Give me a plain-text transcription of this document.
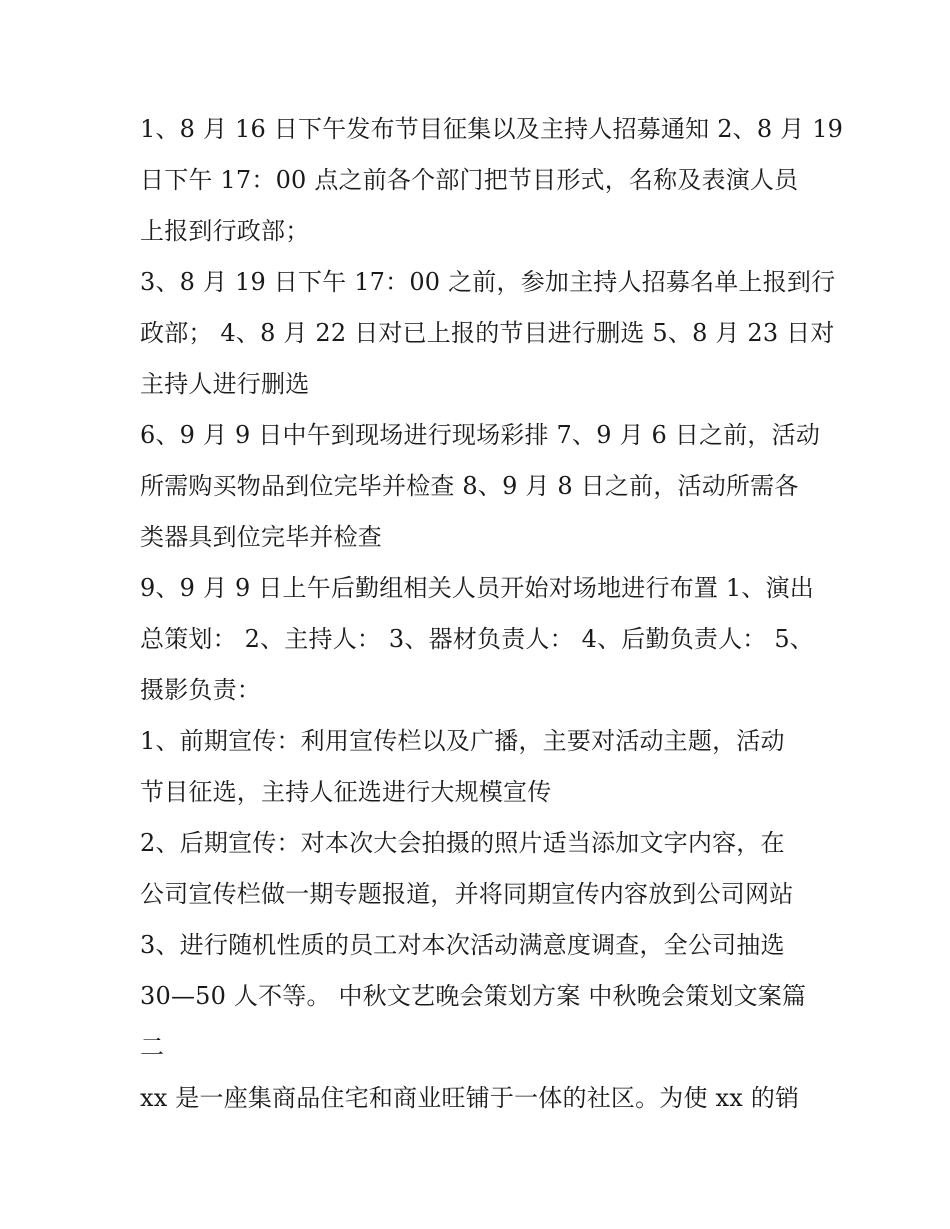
1、8 月 16 日下午发布节目征集以及主持人招募通知 2、8 月 19
日下午 17：00 点之前各个部门把节目形式，名称及表演人员
上报到行政部；
3、8 月 19 日下午 17：00 之前，参加主持人招募名单上报到行
政部； 4、8 月 22 日对已上报的节目进行删选 5、8 月 23 日对
主持人进行删选
6、9 月 9 日中午到现场进行现场彩排 7、9 月 6 日之前，活动
所需购买物品到位完毕并检查 8、9 月 8 日之前，活动所需各
类器具到位完毕并检查
9、9 月 9 日上午后勤组相关人员开始对场地进行布置 1、演出
总策划： 2、主持人： 3、器材负责人： 4、后勤负责人： 5、
摄影负责：
1、前期宣传：利用宣传栏以及广播，主要对活动主题，活动
节目征选，主持人征选进行大规模宣传
2、后期宣传：对本次大会拍摄的照片适当添加文字内容，在
公司宣传栏做一期专题报道，并将同期宣传内容放到公司网站
3、进行随机性质的员工对本次活动满意度调查，全公司抽选
30—50 人不等。 中秋文艺晚会策划方案 中秋晚会策划文案篇
二
xx 是一座集商品住宅和商业旺铺于一体的社区。为使 xx 的销
